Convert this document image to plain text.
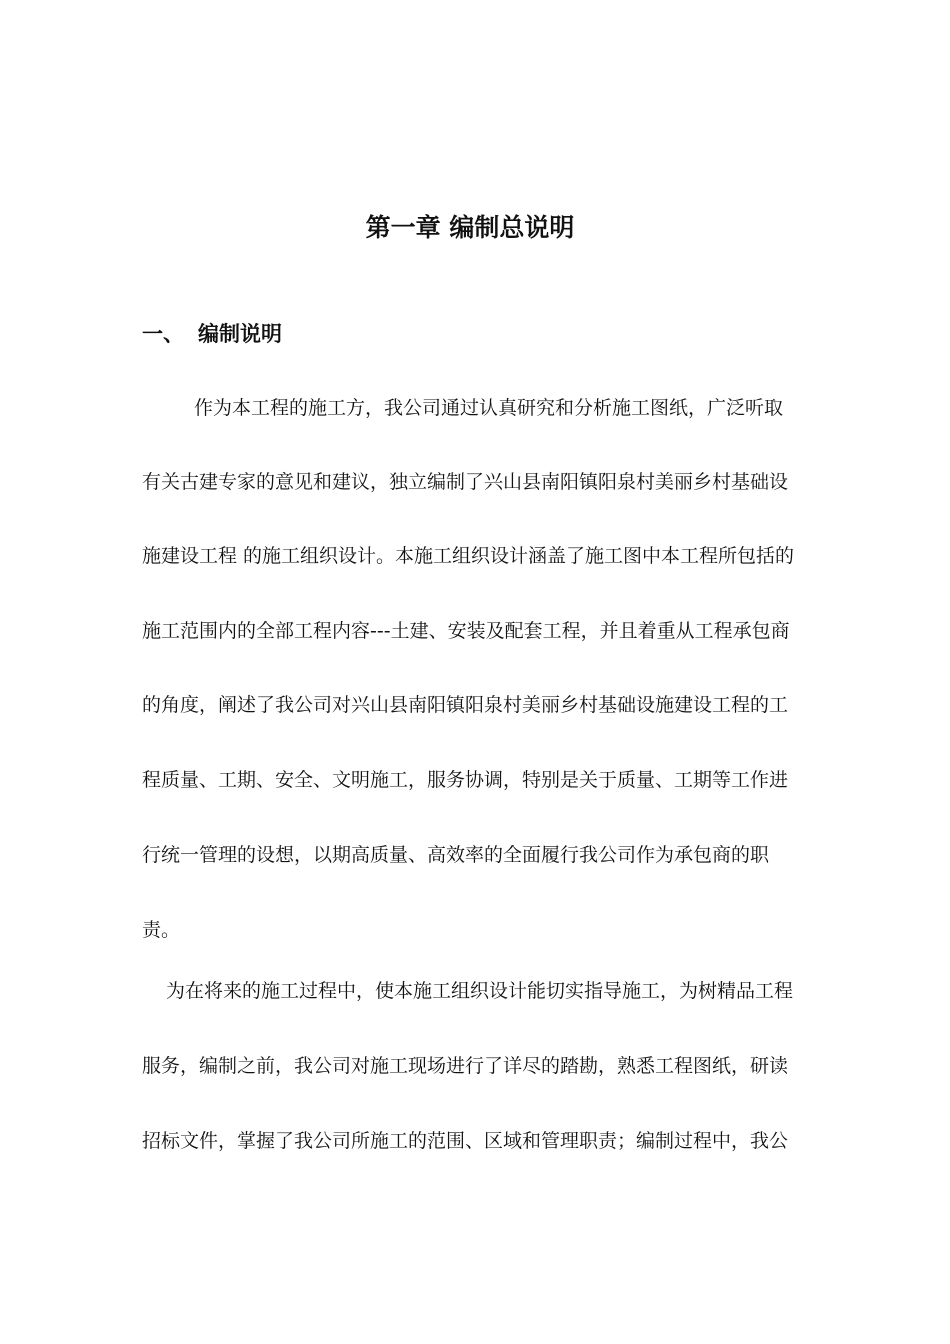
第一章 编制总说明
一、 编制说明

作为本工程的施工方，我公司通过认真研究和分析施工图纸，广泛听取

有关古建专家的意见和建议，独立编制了兴山县南阳镇阳泉村美丽乡村基础设

施建设工程 的施工组织设计。本施工组织设计涵盖了施工图中本工程所包括的

施工范围内的全部工程内容---土建、安装及配套工程，并且着重从工程承包商

的角度，阐述了我公司对兴山县南阳镇阳泉村美丽乡村基础设施建设工程的工

程质量、工期、安全、文明施工，服务协调，特别是关于质量、工期等工作进

行统一管理的设想，以期高质量、高效率的全面履行我公司作为承包商的职

责。

为在将来的施工过程中，使本施工组织设计能切实指导施工，为树精品工程

服务，编制之前，我公司对施工现场进行了详尽的踏勘，熟悉工程图纸，研读

招标文件，掌握了我公司所施工的范围、区域和管理职责；编制过程中，我公
